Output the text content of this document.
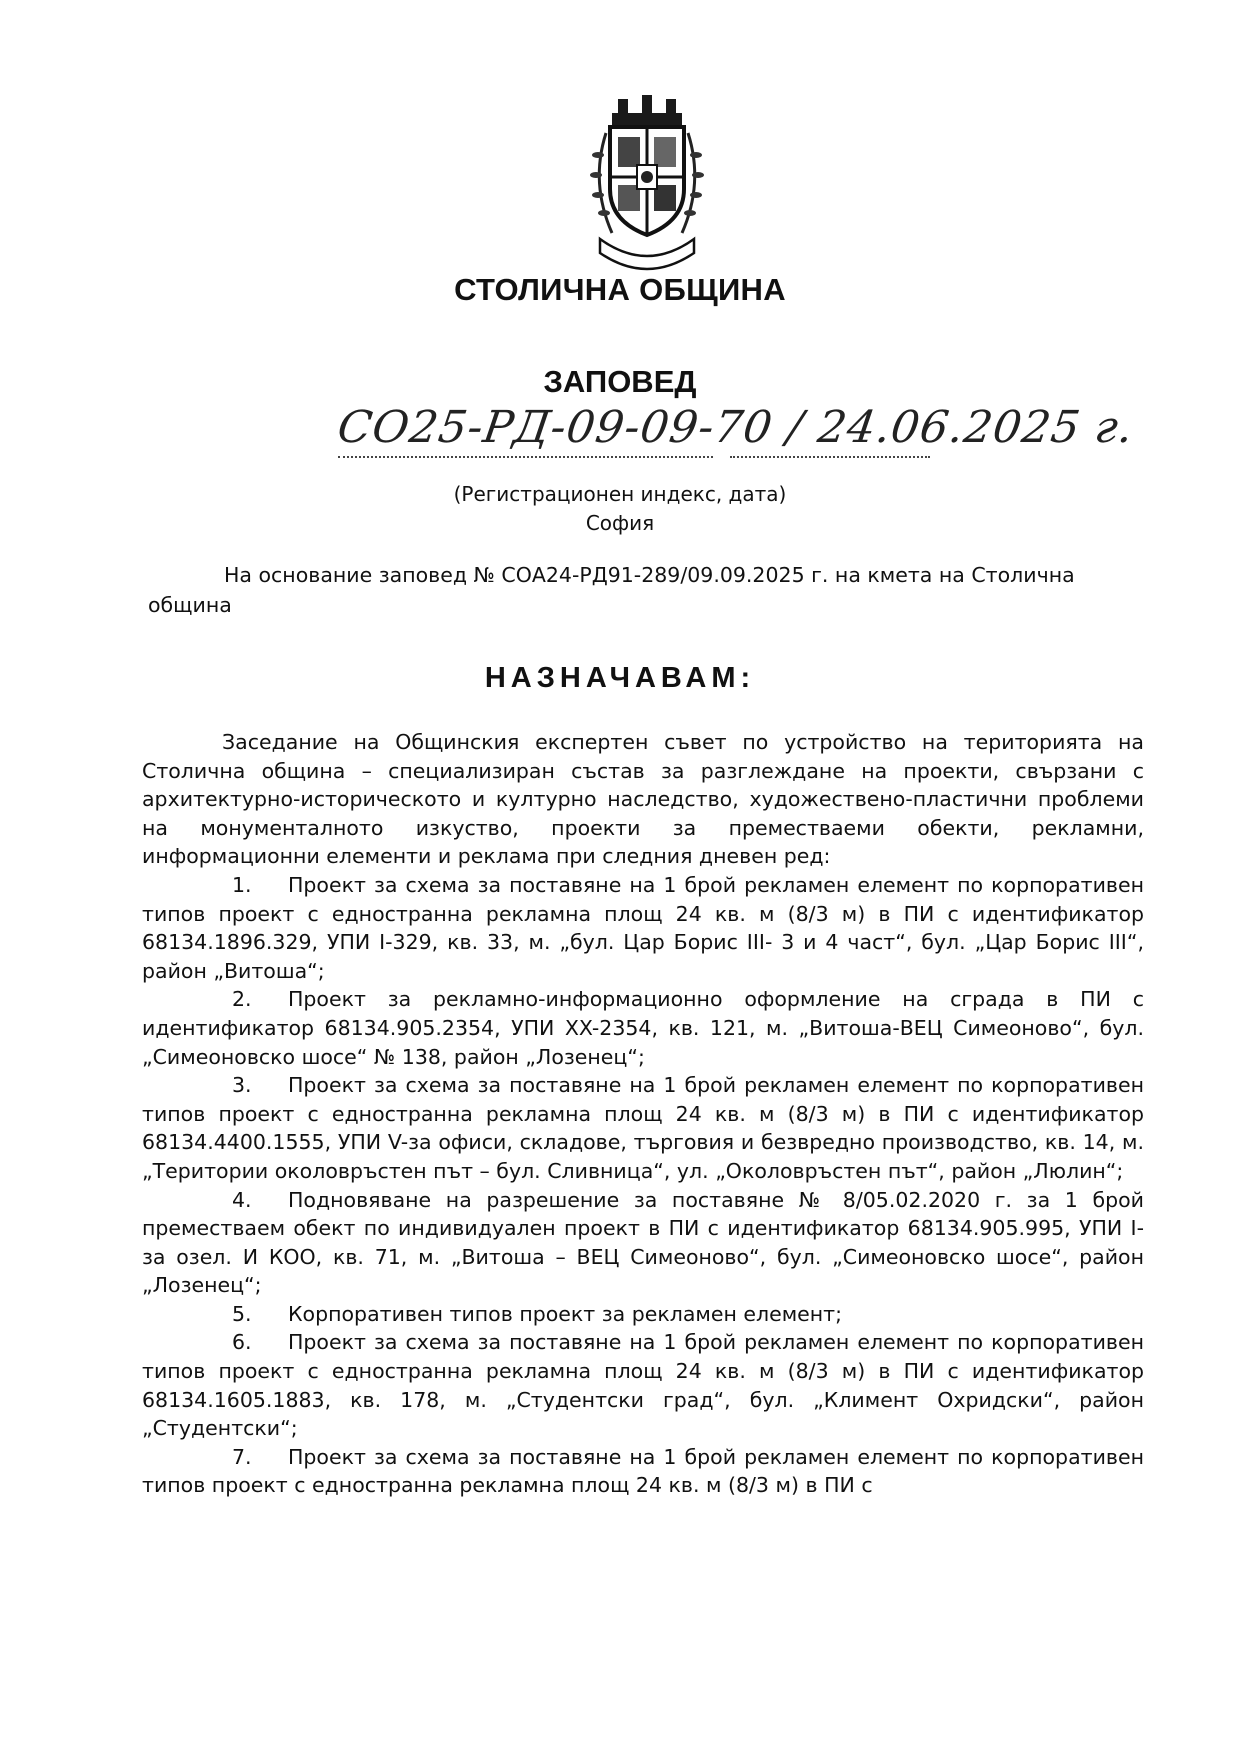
СТОЛИЧНА ОБЩИНА
ЗАПОВЕД
СО25-РД-09-09-70 / 24.06.2025 г.
(Регистрационен индекс, дата)
София
На основание заповед № СОА24-РД91-289/09.09.2025 г. на кмета на Столична община
НАЗНАЧАВАМ:

Заседание на Общинския експертен съвет по устройство на територията на Столична община – специализиран състав за разглеждане на проекти, свързани с архитектурно-историческото и културно наследство, художествено-пластични проблеми на монументалното изкуство, проекти за преместваеми обекти, рекламни, информационни елементи и реклама при следния дневен ред:

1. Проект за схема за поставяне на 1 брой рекламен елемент по корпоративен типов проект с едностранна рекламна площ 24 кв. м (8/3 м) в ПИ с идентификатор 68134.1896.329, УПИ I-329, кв. 33, м. „бул. Цар Борис III- 3 и 4 част“, бул. „Цар Борис III“, район „Витоша“;

2. Проект за рекламно-информационно оформление на сграда в ПИ с идентификатор 68134.905.2354, УПИ XX-2354, кв. 121, м. „Витоша-ВЕЦ Симеоново“, бул. „Симеоновско шосе“ № 138, район „Лозенец“;

3. Проект за схема за поставяне на 1 брой рекламен елемент по корпоративен типов проект с едностранна рекламна площ 24 кв. м (8/3 м) в ПИ с идентификатор 68134.4400.1555, УПИ V-за офиси, складове, търговия и безвредно производство, кв. 14, м. „Територии околовръстен път – бул. Сливница“, ул. „Околовръстен път“, район „Люлин“;

4. Подновяване на разрешение за поставяне № 8/05.02.2020 г. за 1 брой преместваем обект по индивидуален проект в ПИ с идентификатор 68134.905.995, УПИ I-за озел. И КОО, кв. 71, м. „Витоша – ВЕЦ Симеоново“, бул. „Симеоновско шосе“, район „Лозенец“;

5. Корпоративен типов проект за рекламен елемент;

6. Проект за схема за поставяне на 1 брой рекламен елемент по корпоративен типов проект с едностранна рекламна площ 24 кв. м (8/3 м) в ПИ с идентификатор 68134.1605.1883, кв. 178, м. „Студентски град“, бул. „Климент Охридски“, район „Студентски“;

7. Проект за схема за поставяне на 1 брой рекламен елемент по корпоративен типов проект с едностранна рекламна площ 24 кв. м (8/3 м) в ПИ с
